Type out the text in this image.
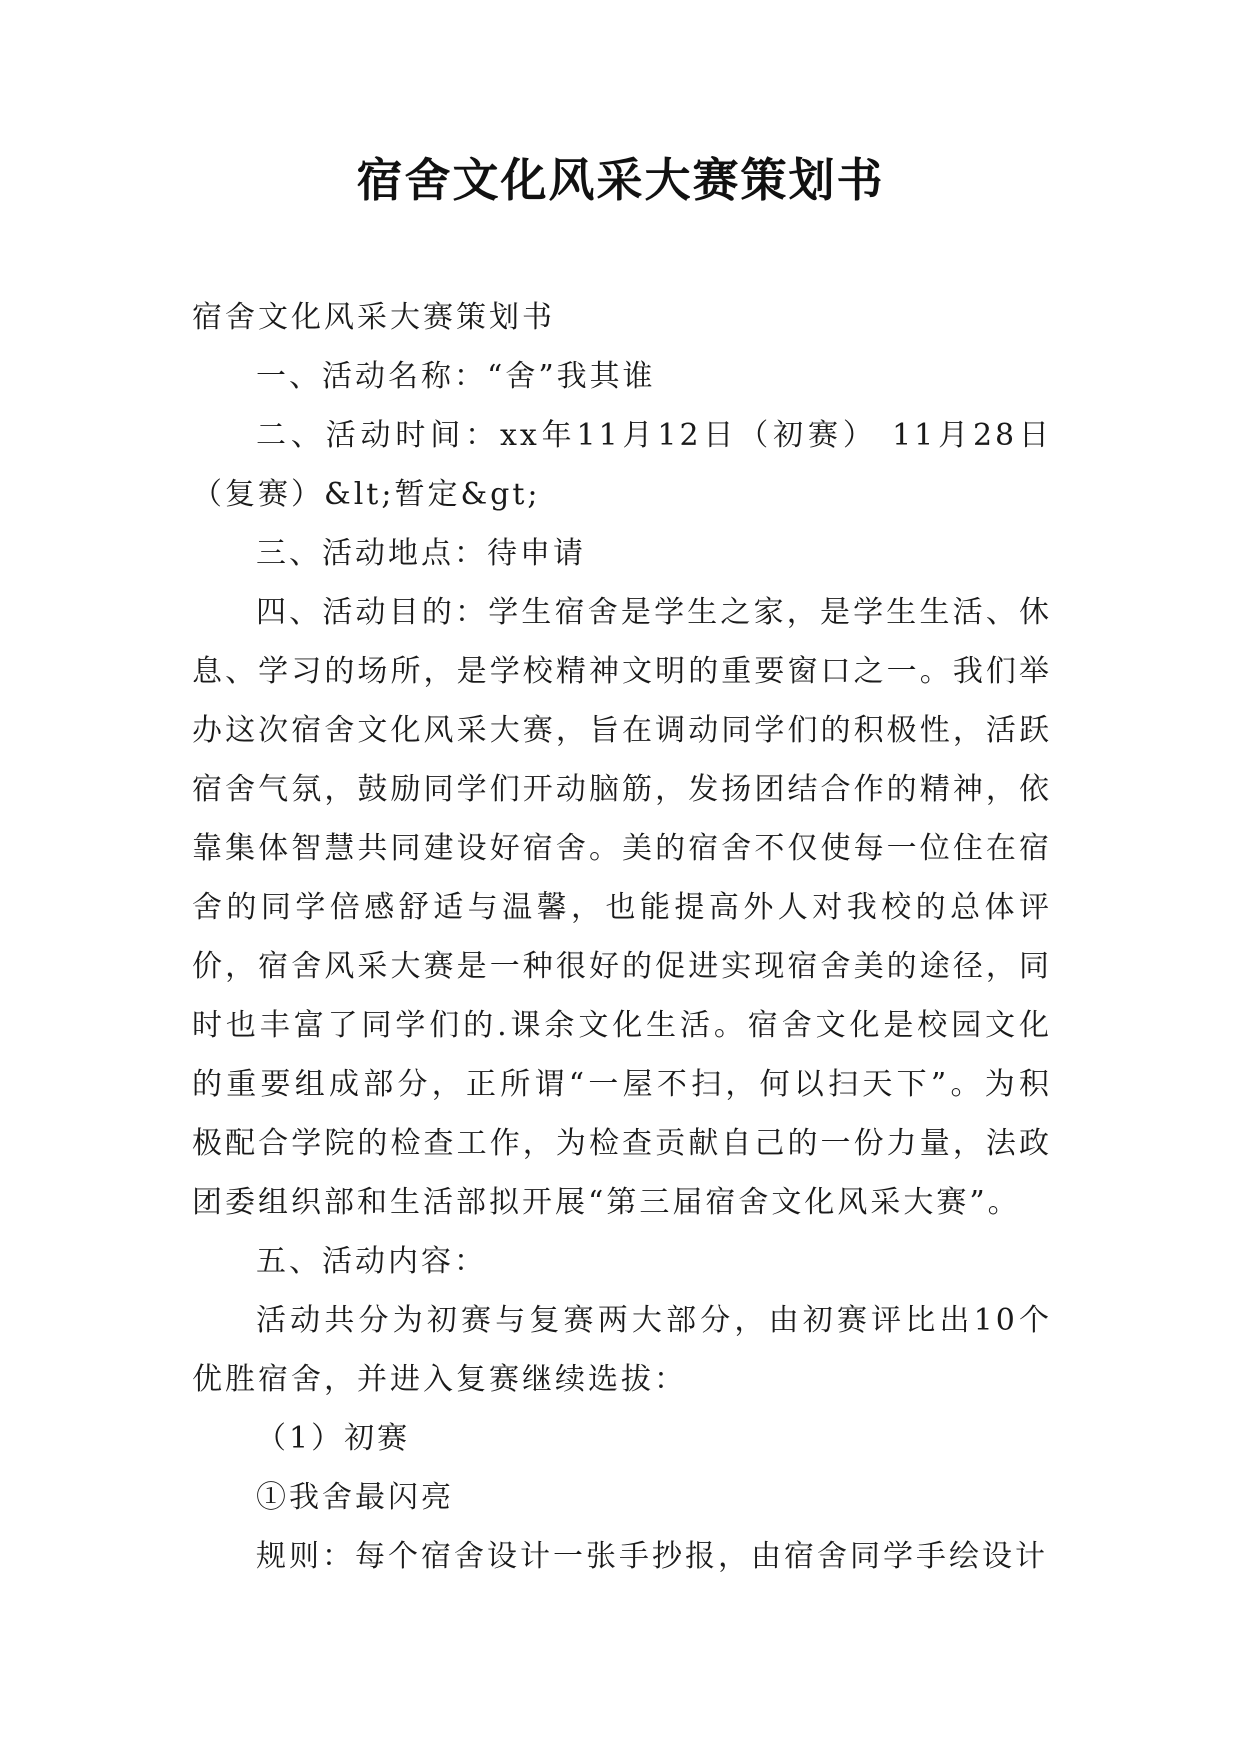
宿舍文化风采大赛策划书

宿舍文化风采大赛策划书

一、活动名称：“舍”我其谁

二、活动时间：xx年11月12日（初赛） 11月28日（复赛）&lt;暂定&gt;

三、活动地点：待申请

四、活动目的：学生宿舍是学生之家，是学生生活、休息、学习的场所，是学校精神文明的重要窗口之一。我们举办这次宿舍文化风采大赛，旨在调动同学们的积极性，活跃宿舍气氛，鼓励同学们开动脑筋，发扬团结合作的精神，依靠集体智慧共同建设好宿舍。美的宿舍不仅使每一位住在宿舍的同学倍感舒适与温馨，也能提高外人对我校的总体评价，宿舍风采大赛是一种很好的促进实现宿舍美的途径，同时也丰富了同学们的.课余文化生活。宿舍文化是校园文化的重要组成部分，正所谓“一屋不扫，何以扫天下”。为积极配合学院的检查工作，为检查贡献自己的一份力量，法政团委组织部和生活部拟开展“第三届宿舍文化风采大赛”。

五、活动内容：

活动共分为初赛与复赛两大部分，由初赛评比出10个优胜宿舍，并进入复赛继续选拔：

（1）初赛

①我舍最闪亮

规则：每个宿舍设计一张手抄报，由宿舍同学手绘设计
